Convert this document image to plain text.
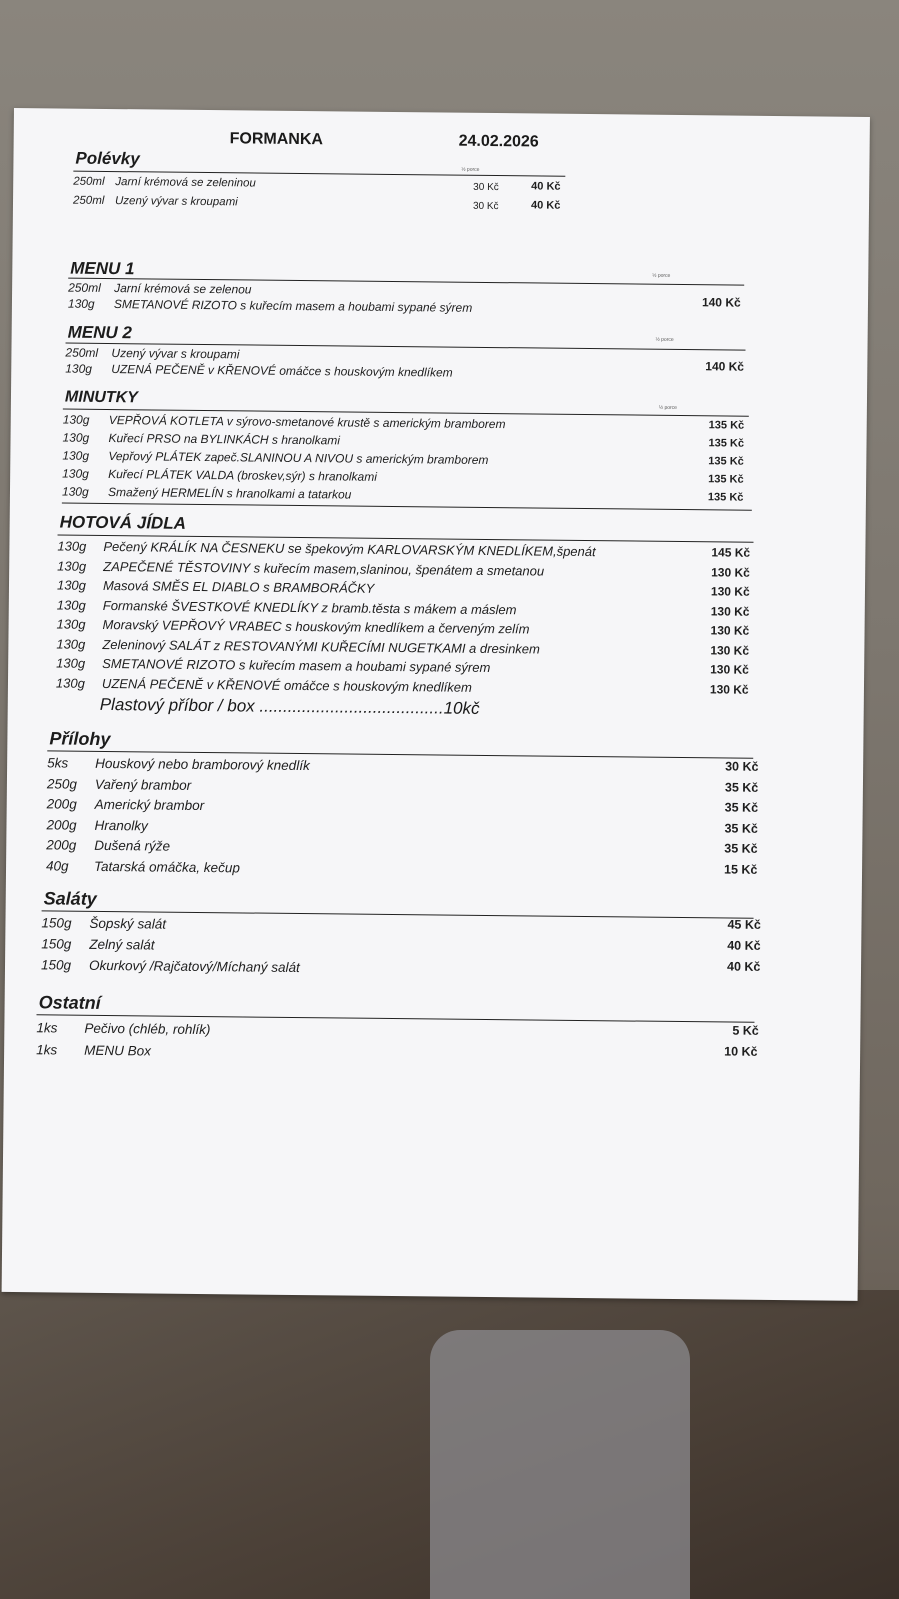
FORMANKA	24.02.2026
Polévky
½ porce
250ml Jarní krémová se zeleninou	30 Kč	40 Kč
250ml Uzený vývar s kroupami	30 Kč	40 Kč
MENU 1	½ porce
250ml Jarní krémová se zelenou
130g SMETANOVÉ RIZOTO s kuřecím masem a houbami sypané sýrem	140 Kč
MENU 2	½ porce
250ml Uzený vývar s kroupami
130g UZENÁ PEČENĚ v KŘENOVÉ omáčce s houskovým knedlíkem	140 Kč
MINUTKY
½ porce
130g VEPŘOVÁ KOTLETA v sýrovo-smetanové krustě s americkým bramborem	135 Kč
130g Kuřecí PRSO na BYLINKÁCH s hranolkami	135 Kč
130g Vepřový PLÁTEK zapeč.SLANINOU A NIVOU s americkým bramborem	135 Kč
130g Kuřecí PLÁTEK VALDA (broskev,sýr) s hranolkami	135 Kč
130g Smažený HERMELÍN s hranolkami a tatarkou	135 Kč
HOTOVÁ JÍDLA
130g Pečený KRÁLÍK NA ČESNEKU se špekovým KARLOVARSKÝM KNEDLÍKEM,špenát	145 Kč
130g ZAPEČENÉ TĚSTOVINY s kuřecím masem,slaninou, špenátem a smetanou	130 Kč
130g Masová SMĚS EL DIABLO s BRAMBORÁČKY	130 Kč
130g Formanské ŠVESTKOVÉ KNEDLÍKY z bramb.těsta s mákem a máslem	130 Kč
130g Moravský VEPŘOVÝ VRABEC s houskovým knedlíkem a červeným zelím	130 Kč
130g Zeleninový SALÁT z RESTOVANÝMI KUŘECÍMI NUGETKAMI a dresinkem	130 Kč
130g SMETANOVÉ RIZOTO s kuřecím masem a houbami sypané sýrem	130 Kč
130g UZENÁ PEČENĚ v KŘENOVÉ omáčce s houskovým knedlíkem	130 Kč
Plastový příbor / box .......................................10kč
Přílohy
5ks Houskový nebo bramborový knedlík	30 Kč
250g Vařený brambor	35 Kč
200g Americký brambor	35 Kč
200g Hranolky	35 Kč
200g Dušená rýže	35 Kč
40g Tatarská omáčka, kečup	15 Kč
Saláty
150g Šopský salát	45 Kč
150g Zelný salát	40 Kč
150g Okurkový /Rajčatový/Míchaný salát	40 Kč
Ostatní
1ks Pečivo (chléb, rohlík)	5 Kč
1ks MENU Box	10 Kč
